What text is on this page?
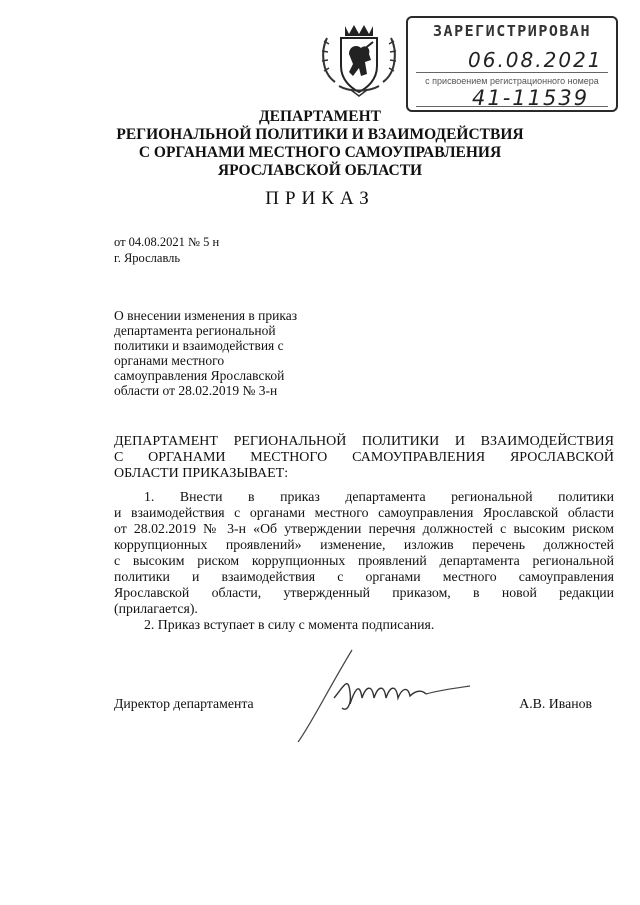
ЗАРЕГИСТРИРОВАН
06.08.2021
с присвоением регистрационного номера
41-11539
ДЕПАРТАМЕНТ
РЕГИОНАЛЬНОЙ ПОЛИТИКИ И ВЗАИМОДЕЙСТВИЯ
С ОРГАНАМИ МЕСТНОГО САМОУПРАВЛЕНИЯ
ЯРОСЛАВСКОЙ ОБЛАСТИ
ПРИКАЗ
от 04.08.2021 № 5 н
г. Ярославль
О внесении изменения в приказ
департамента региональной
политики и взаимодействия с
органами местного
самоуправления Ярославской
области от 28.02.2019 № 3-н
ДЕПАРТАМЕНТ РЕГИОНАЛЬНОЙ ПОЛИТИКИ И ВЗАИМОДЕЙСТВИЯ
С ОРГАНАМИ МЕСТНОГО САМОУПРАВЛЕНИЯ ЯРОСЛАВСКОЙ
ОБЛАСТИ ПРИКАЗЫВАЕТ:
1. Внести в приказ департамента региональной политики
и взаимодействия с органами местного самоуправления Ярославской области
от 28.02.2019 № 3-н «Об утверждении перечня должностей с высоким риском
коррупционных проявлений» изменение, изложив перечень должностей
с высоким риском коррупционных проявлений департамента региональной
политики и взаимодействия с органами местного самоуправления
Ярославской области, утвержденный приказом, в новой редакции
(прилагается).
2. Приказ вступает в силу с момента подписания.
Директор департамента	А.В. Иванов
